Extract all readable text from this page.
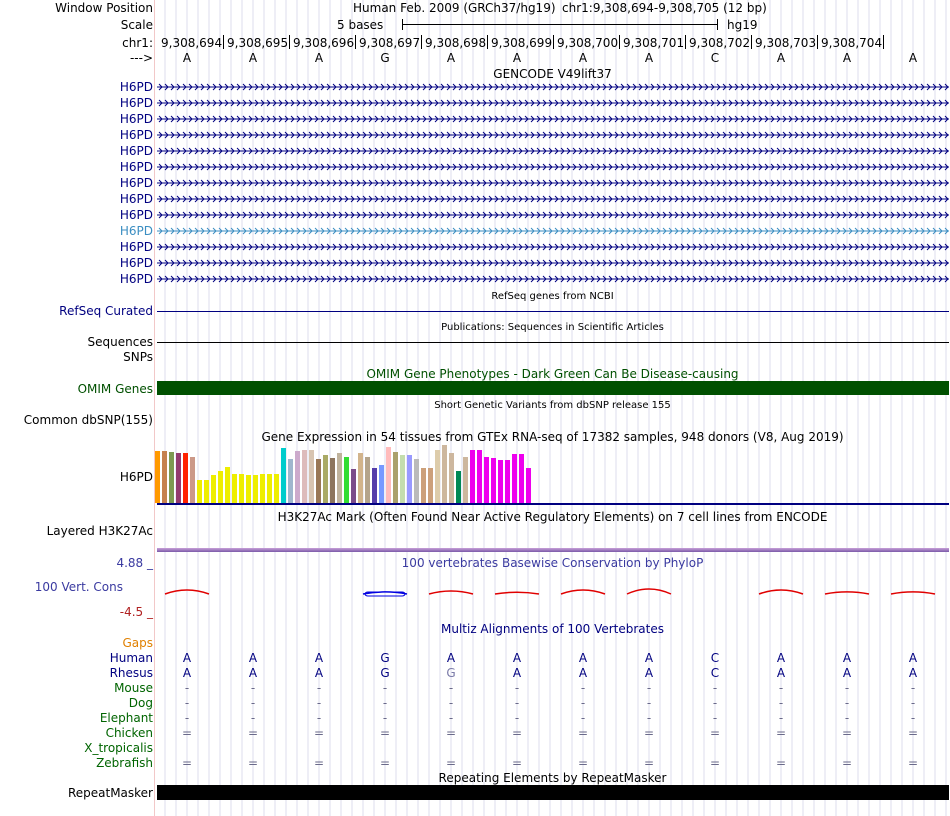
Window Position	Human Feb. 2009 (GRCh37/hg19) chr1:9,308,694-9,308,705 (12 bp)
Scale	5 bases	hg19
chr1: 9,308,694 9,308,695 9,308,696 9,308,697 9,308,698 9,308,699 9,308,700 9,308,701 9,308,702 9,308,703 9,308,704
--->	A	A	A	G	A	A	A	A	C	A	A	A
GENCODE V49lift37
H6PD
H6PD
H6PD
H6PD
H6PD
H6PD
H6PD
H6PD
H6PD
H6PD
H6PD
H6PD
H6PD
RefSeq genes from NCBI
RefSeq Curated
Publications: Sequences in Scientific Articles
Sequences
SNPs
OMIM Gene Phenotypes - Dark Green Can Be Disease-causing
OMIM Genes
Short Genetic Variants from dbSNP release 155
Common dbSNP(155)
Gene Expression in 54 tissues from GTEx RNA-seq of 17382 samples, 948 donors (V8, Aug 2019)
H6PD
H3K27Ac Mark (Often Found Near Active Regulatory Elements) on 7 cell lines from ENCODE
Layered H3K27Ac
100 vertebrates Basewise Conservation by PhyloP
4.88 _
100 Vert. Cons
-4.5 _
Multiz Alignments of 100 Vertebrates
Gaps
Human	A	A	A	G	A	A	A	A	C	A	A	A
Rhesus	A	A	A	G	G	A	A	A	C	A	A	A
Mouse	-	-	-	-	-	-	-	-	-	-	-	-
Dog	-	-	-	-	-	-	-	-	-	-	-	-
Elephant	-	-	-	-	-	-	-	-	-	-	-	-
Chicken	=	=	=	=	=	=	=	=	=	=	=	=
X_tropicalis
Zebrafish	=	=	=	=	=	=	=	=	=	=	=	=
Repeating Elements by RepeatMasker
RepeatMasker
